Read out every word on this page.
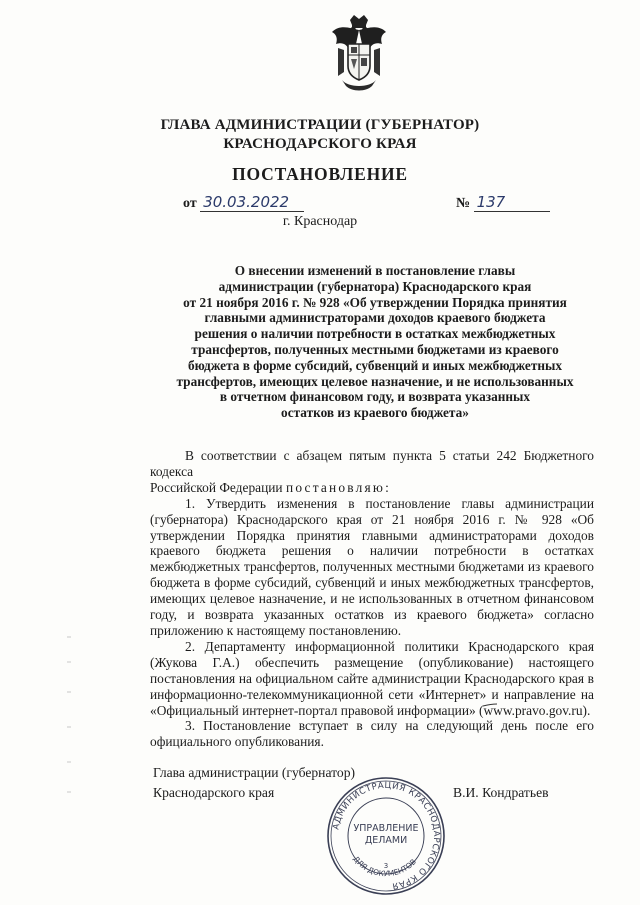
ГЛАВА АДМИНИСТРАЦИИ (ГУБЕРНАТОР)
КРАСНОДАРСКОГО КРАЯ
ПОСТАНОВЛЕНИЕ
от 30.03.2022	№ 137
г. Краснодар
О внесении изменений в постановление главы
администрации (губернатора) Краснодарского края
от 21 ноября 2016 г. № 928 «Об утверждении Порядка принятия
главными администраторами доходов краевого бюджета
решения о наличии потребности в остатках межбюджетных
трансфертов, полученных местными бюджетами из краевого
бюджета в форме субсидий, субвенций и иных межбюджетных
трансфертов, имеющих целевое назначение, и не использованных
в отчетном финансовом году, и возврата указанных
остатков из краевого бюджета»

В соответствии с абзацем пятым пункта 5 статьи 242 Бюджетного кодекса

Российской Федерации постановляю:

1. Утвердить изменения в постановление главы администрации (губернатора) Краснодарского края от 21 ноября 2016 г. № 928 «Об утверждении Порядка принятия главными администраторами доходов краевого бюджета решения о наличии потребности в остатках межбюджетных трансфертов, полученных местными бюджетами из краевого бюджета в форме субсидий, субвенций и иных межбюджетных трансфертов, имеющих целевое назначение, и не использованных в отчетном финансовом году, и возврата указанных остатков из краевого бюджета» согласно приложению к настоящему постановлению.

2. Департаменту информационной политики Краснодарского края (Жукова Г.А.) обеспечить размещение (опубликование) настоящего постановления на официальном сайте администрации Краснодарского края в информационно-телекоммуникационной сети «Интернет» и направление на «Официальный интернет-портал правовой информации» (www.pravo.gov.ru).

3. Постановление вступает в силу на следующий день после его официального опубликования.

Глава администрации (губернатор)
Краснодарского края	В.И. Кондратьев
АДМИНИСТРАЦИЯ КРАСНОДАРСКОГО КРАЯ
ДЛЯ ДОКУМЕНТОВ
УПРАВЛЕНИЕ
ДЕЛАМИ
3
